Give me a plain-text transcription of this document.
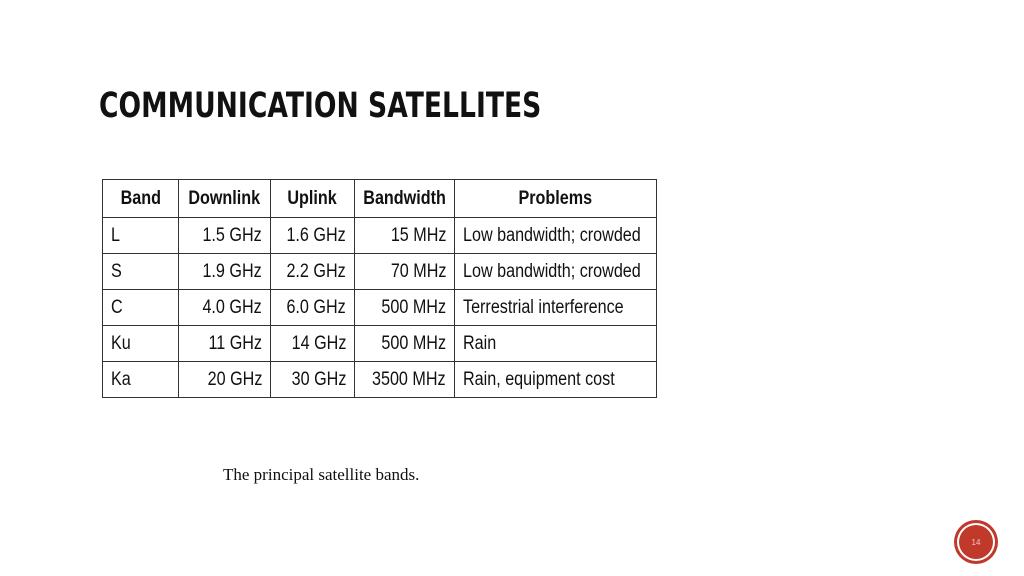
COMMUNICATION SATELLITES
Band	Downlink	Uplink	Bandwidth	Problems
L	1.5 GHz	1.6 GHz	15 MHz	Low bandwidth; crowded
S	1.9 GHz	2.2 GHz	70 MHz	Low bandwidth; crowded
C	4.0 GHz	6.0 GHz	500 MHz	Terrestrial interference
Ku	11 GHz	14 GHz	500 MHz	Rain
Ka	20 GHz	30 GHz	3500 MHz	Rain, equipment cost

The principal satellite bands.

14
